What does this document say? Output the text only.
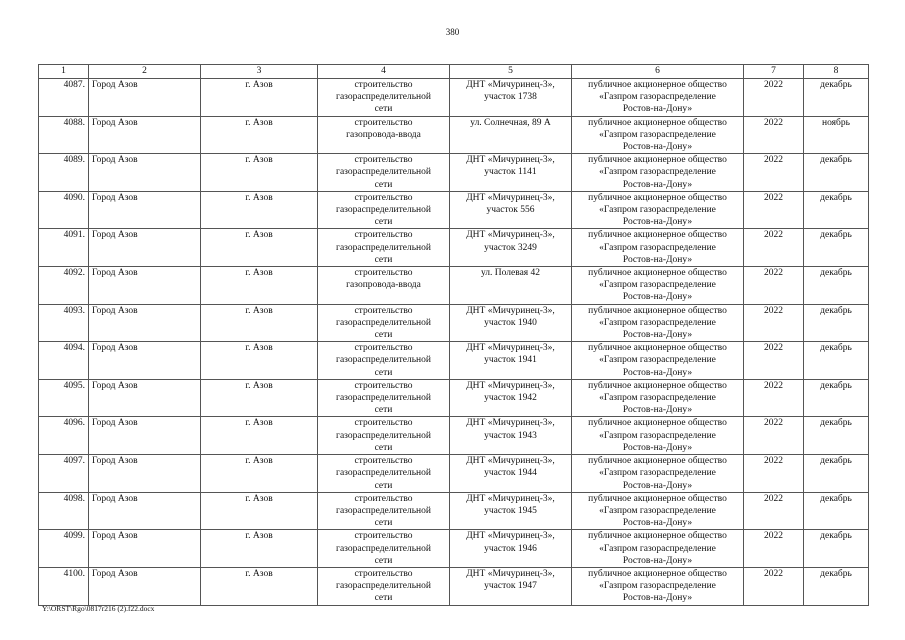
380
1	2	3	4	5	6	7	8
4087.	Город Азов	г. Азов	строительство
газораспределительной
сети	ДНТ «Мичуринец-3»,
участок 1738	публичное акционерное общество
«Газпром газораспределение
Ростов-на-Дону»	2022	декабрь
4088.	Город Азов	г. Азов	строительство
газопровода-ввода	ул. Солнечная, 89 А	публичное акционерное общество
«Газпром газораспределение
Ростов-на-Дону»	2022	ноябрь
4089.	Город Азов	г. Азов	строительство
газораспределительной
сети	ДНТ «Мичуринец-3»,
участок 1141	публичное акционерное общество
«Газпром газораспределение
Ростов-на-Дону»	2022	декабрь
4090.	Город Азов	г. Азов	строительство
газораспределительной
сети	ДНТ «Мичуринец-3»,
участок 556	публичное акционерное общество
«Газпром газораспределение
Ростов-на-Дону»	2022	декабрь
4091.	Город Азов	г. Азов	строительство
газораспределительной
сети	ДНТ «Мичуринец-3»,
участок 3249	публичное акционерное общество
«Газпром газораспределение
Ростов-на-Дону»	2022	декабрь
4092.	Город Азов	г. Азов	строительство
газопровода-ввода	ул. Полевая 42	публичное акционерное общество
«Газпром газораспределение
Ростов-на-Дону»	2022	декабрь
4093.	Город Азов	г. Азов	строительство
газораспределительной
сети	ДНТ «Мичуринец-3»,
участок 1940	публичное акционерное общество
«Газпром газораспределение
Ростов-на-Дону»	2022	декабрь
4094.	Город Азов	г. Азов	строительство
газораспределительной
сети	ДНТ «Мичуринец-3»,
участок 1941	публичное акционерное общество
«Газпром газораспределение
Ростов-на-Дону»	2022	декабрь
4095.	Город Азов	г. Азов	строительство
газораспределительной
сети	ДНТ «Мичуринец-3»,
участок 1942	публичное акционерное общество
«Газпром газораспределение
Ростов-на-Дону»	2022	декабрь
4096.	Город Азов	г. Азов	строительство
газораспределительной
сети	ДНТ «Мичуринец-3»,
участок 1943	публичное акционерное общество
«Газпром газораспределение
Ростов-на-Дону»	2022	декабрь
4097.	Город Азов	г. Азов	строительство
газораспределительной
сети	ДНТ «Мичуринец-3»,
участок 1944	публичное акционерное общество
«Газпром газораспределение
Ростов-на-Дону»	2022	декабрь
4098.	Город Азов	г. Азов	строительство
газораспределительной
сети	ДНТ «Мичуринец-3»,
участок 1945	публичное акционерное общество
«Газпром газораспределение
Ростов-на-Дону»	2022	декабрь
4099.	Город Азов	г. Азов	строительство
газораспределительной
сети	ДНТ «Мичуринец-3»,
участок 1946	публичное акционерное общество
«Газпром газораспределение
Ростов-на-Дону»	2022	декабрь
4100.	Город Азов	г. Азов	строительство
газораспределительной
сети	ДНТ «Мичуринец-3»,
участок 1947	публичное акционерное общество
«Газпром газораспределение
Ростов-на-Дону»	2022	декабрь
Y:\ORST\Rgo\0817r216 (2).f22.docx
